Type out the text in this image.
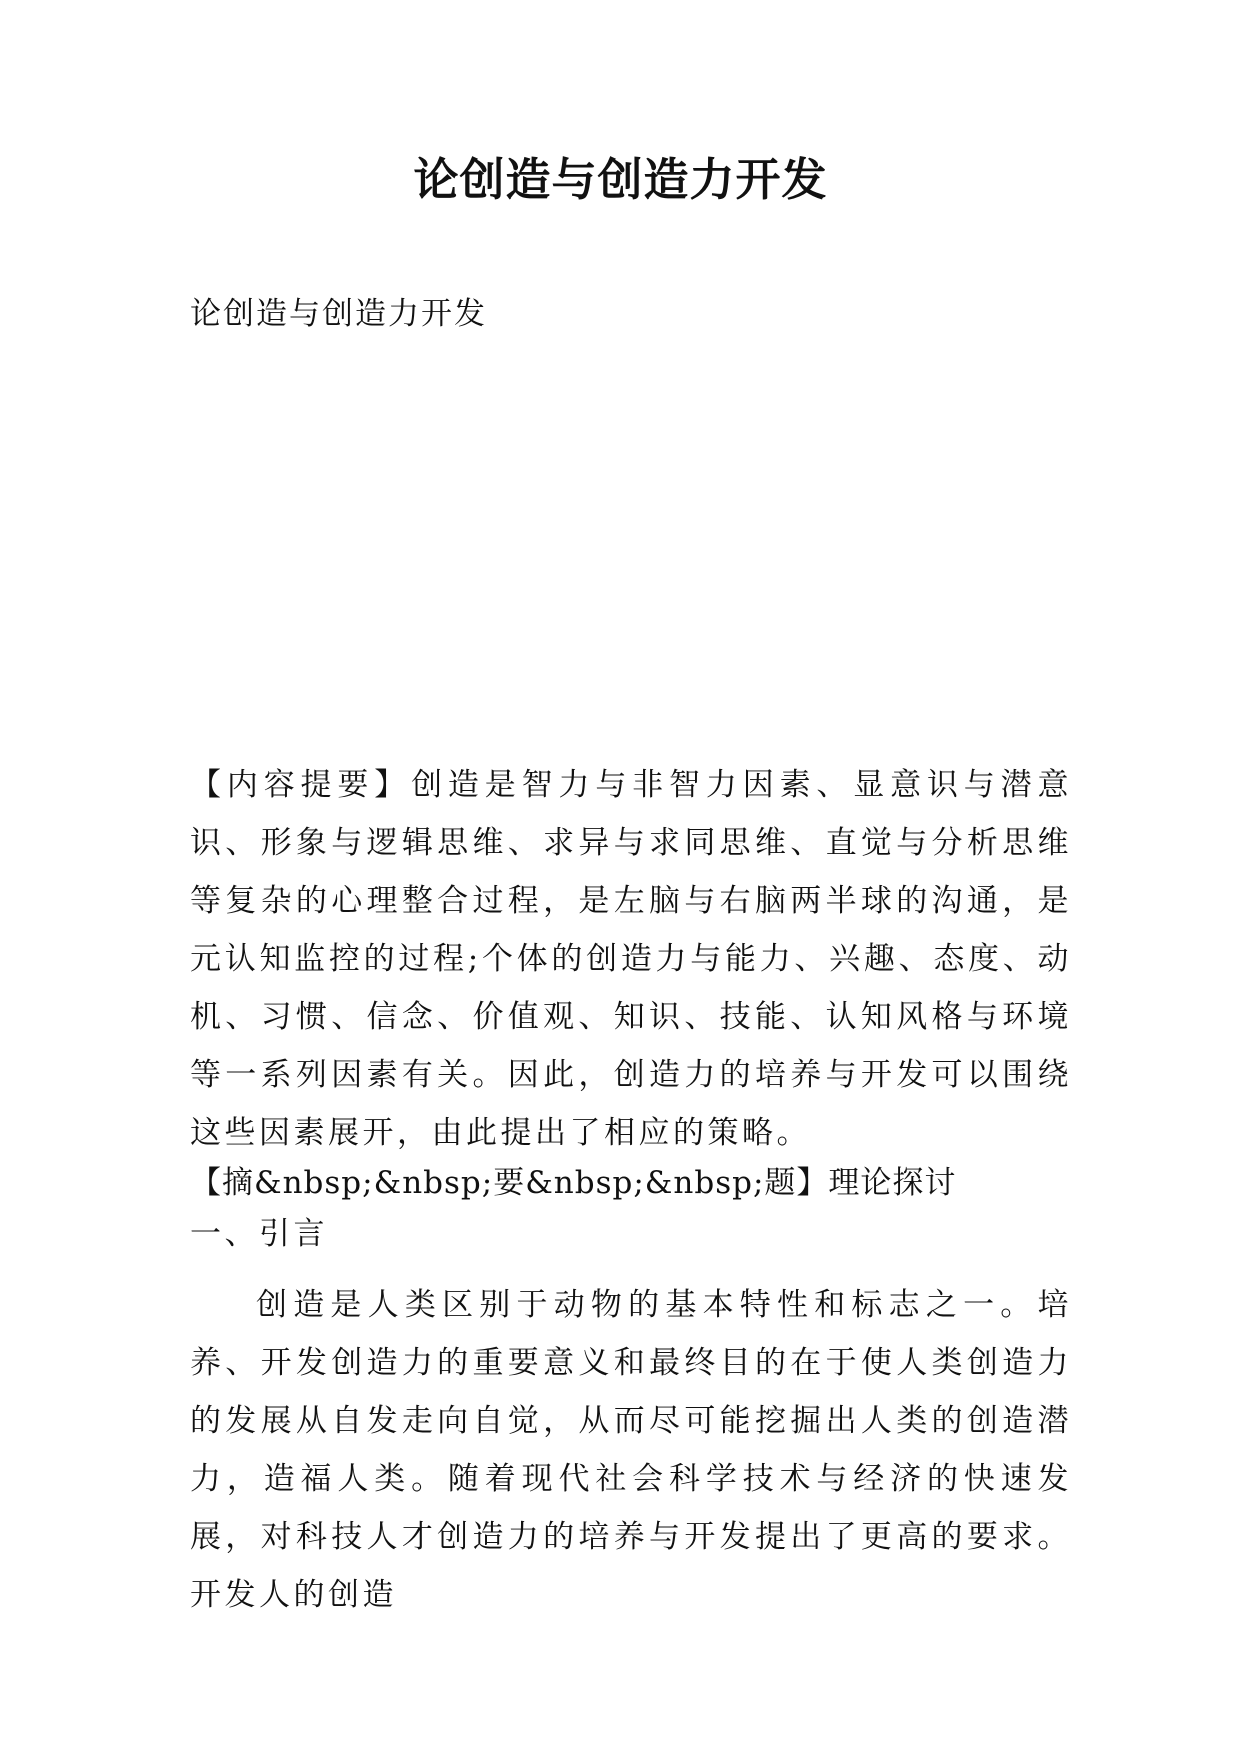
论创造与创造力开发
论创造与创造力开发

【内容提要】创造是智力与非智力因素、显意识与潜意识、形象与逻辑思维、求异与求同思维、直觉与分析思维等复杂的心理整合过程，是左脑与右脑两半球的沟通，是元认知监控的过程;个体的创造力与能力、兴趣、态度、动机、习惯、信念、价值观、知识、技能、认知风格与环境等一系列因素有关。因此，创造力的培养与开发可以围绕这些因素展开，由此提出了相应的策略。

【摘&nbsp;&nbsp;要&nbsp;&nbsp;题】理论探讨

一、引言

创造是人类区别于动物的基本特性和标志之一。培养、开发创造力的重要意义和最终目的在于使人类创造力的发展从自发走向自觉，从而尽可能挖掘出人类的创造潜力，造福人类。随着现代社会科学技术与经济的快速发展，对科技人才创造力的培养与开发提出了更高的要求。开发人的创造
